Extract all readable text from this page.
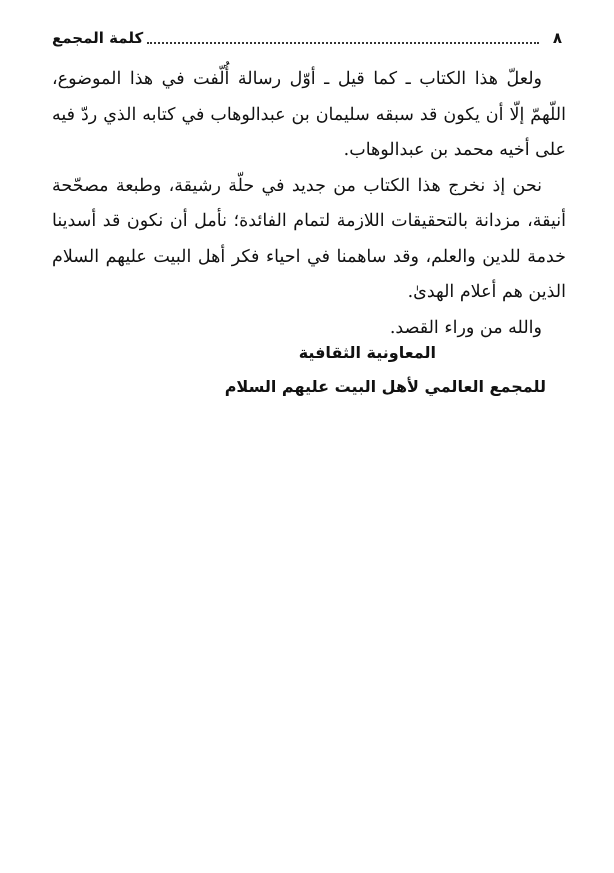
٨
كلمة المجمع

ولعلّ هذا الكتاب ـ كما قيل ـ أوّل رسالة أُلّفت في هذا الموضوع، اللّهمّ إلّا أن يكون قد سبقه سليمان بن عبدالوهاب في كتابه الذي ردّ فيه على أخيه محمد بن عبدالوهاب.

نحن إذ نخرج هذا الكتاب من جديد في حلّة رشيقة، وطبعة مصحّحة أنيقة، مزدانة بالتحقيقات اللازمة لتمام الفائدة؛ نأمل أن نكون قد أسدينا خدمة للدين والعلم، وقد ساهمنا في احياء فكر أهل البيت عليهم السلام الذين هم أعلام الهدىٰ.

والله من وراء القصد.

المعاونية الثقافية
للمجمع العالمي لأهل البيت عليهم السلام
